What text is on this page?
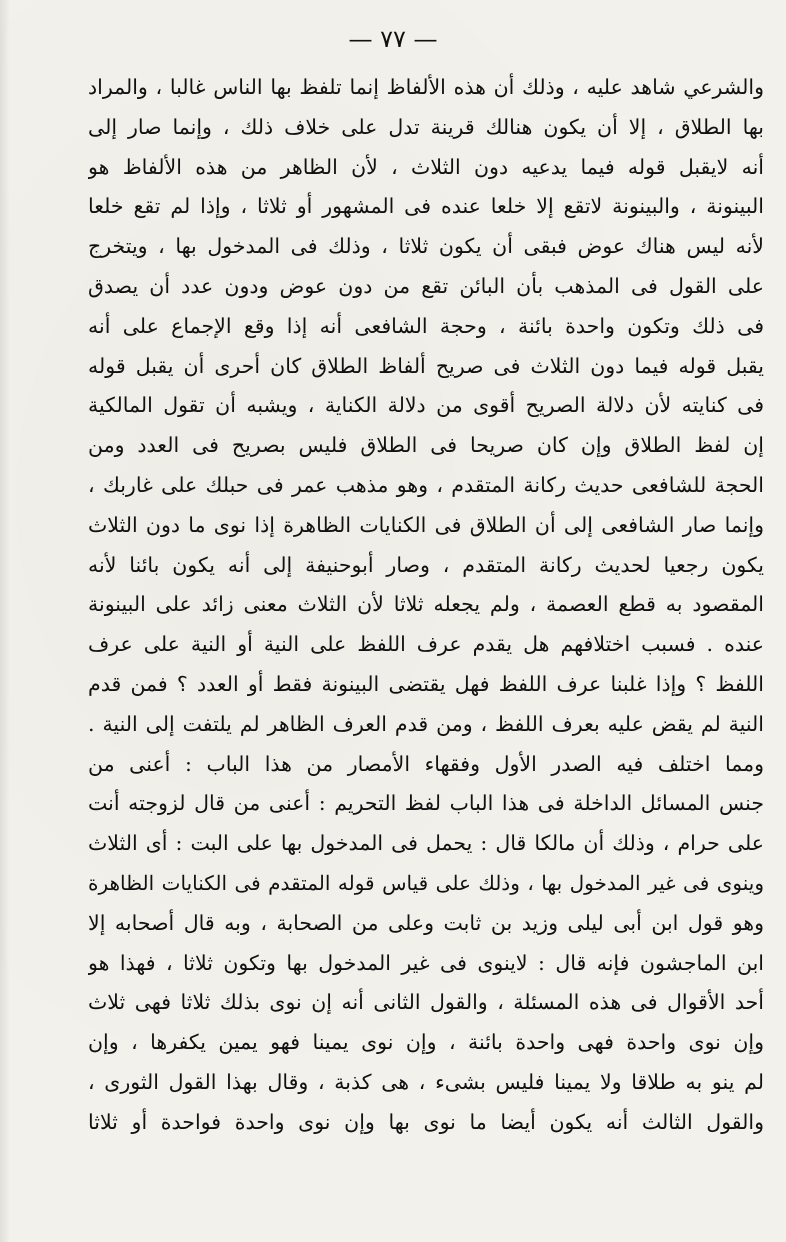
— ٧٧ —
والشرعي شاهد عليه ، وذلك أن هذه الألفاظ إنما تلفظ بها الناس غالبا ، والمراد
بها الطلاق ، إلا أن يكون هنالك قرينة تدل على خلاف ذلك ، وإنما صار إلى
أنه لايقبل قوله فيما يدعيه دون الثلاث ، لأن الظاهر من هذه الألفاظ هو
البينونة ، والبينونة لاتقع إلا خلعا عنده فى المشهور أو ثلاثا ، وإذا لم تقع خلعا
لأنه ليس هناك عوض فبقى أن يكون ثلاثا ، وذلك فى المدخول بها ، ويتخرج
على القول فى المذهب بأن البائن تقع من دون عوض ودون عدد أن يصدق
فى ذلك وتكون واحدة بائنة ، وحجة الشافعى أنه إذا وقع الإجماع على أنه
يقبل قوله فيما دون الثلاث فى صريح ألفاظ الطلاق كان أحرى أن يقبل قوله
فى كنايته لأن دلالة الصريح أقوى من دلالة الكناية ، ويشبه أن تقول المالكية
إن لفظ الطلاق وإن كان صريحا فى الطلاق فليس بصريح فى العدد ومن
الحجة للشافعى حديث ركانة المتقدم ، وهو مذهب عمر فى حبلك على غاربك ،
وإنما صار الشافعى إلى أن الطلاق فى الكنايات الظاهرة إذا نوى ما دون الثلاث
يكون رجعيا لحديث ركانة المتقدم ، وصار أبوحنيفة إلى أنه يكون بائنا لأنه
المقصود به قطع العصمة ، ولم يجعله ثلاثا لأن الثلاث معنى زائد على البينونة
عنده . فسبب اختلافهم هل يقدم عرف اللفظ على النية أو النية على عرف
اللفظ ؟ وإذا غلبنا عرف اللفظ فهل يقتضى البينونة فقط أو العدد ؟ فمن قدم
النية لم يقض عليه بعرف اللفظ ، ومن قدم العرف الظاهر لم يلتفت إلى النية .
ومما اختلف فيه الصدر الأول وفقهاء الأمصار من هذا الباب : أعنى من
جنس المسائل الداخلة فى هذا الباب لفظ التحريم : أعنى من قال لزوجته أنت
على حرام ، وذلك أن مالكا قال : يحمل فى المدخول بها على البت : أى الثلاث
وينوى فى غير المدخول بها ، وذلك على قياس قوله المتقدم فى الكنايات الظاهرة
وهو قول ابن أبى ليلى وزيد بن ثابت وعلى من الصحابة ، وبه قال أصحابه إلا
ابن الماجشون فإنه قال : لاينوى فى غير المدخول بها وتكون ثلاثا ، فهذا هو
أحد الأقوال فى هذه المسئلة ، والقول الثانى أنه إن نوى بذلك ثلاثا فهى ثلاث
وإن نوى واحدة فهى واحدة بائنة ، وإن نوى يمينا فهو يمين يكفرها ، وإن
لم ينو به طلاقا ولا يمينا فليس بشىء ، هى كذبة ، وقال بهذا القول الثورى ،
والقول الثالث أنه يكون أيضا ما نوى بها وإن نوى واحدة فواحدة أو ثلاثا
